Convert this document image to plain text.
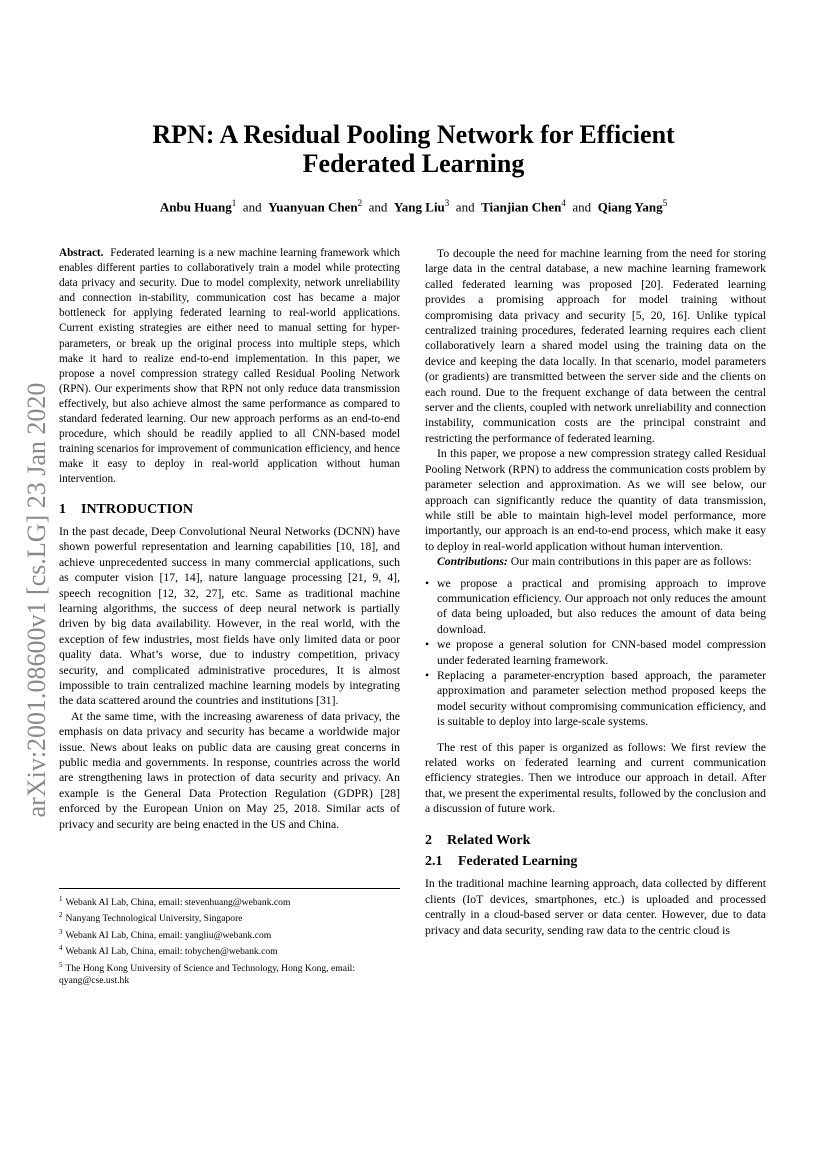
arXiv:2001.08600v1 [cs.LG] 23 Jan 2020
RPN: A Residual Pooling Network for Efficient
Federated Learning
Anbu Huang$^1$ and Yuanyuan Chen$^2$ and Yang Liu$^3$ and Tianjian Chen$^4$ and Qiang Yang$^5$

Abstract. Federated learning is a new machine learning framework which enables different parties to collaboratively train a model while protecting data privacy and security. Due to model complexity, network unreliability and connection in-stability, communication cost has became a major bottleneck for applying federated learning to real-world applications. Current existing strategies are either need to manual setting for hyper-parameters, or break up the original process into multiple steps, which make it hard to realize end-to-end implementation. In this paper, we propose a novel compression strategy called Residual Pooling Network (RPN). Our experiments show that RPN not only reduce data transmission effectively, but also achieve almost the same performance as compared to standard federated learning. Our new approach performs as an end-to-end procedure, which should be readily applied to all CNN-based model training scenarios for improvement of communication efficiency, and hence make it easy to deploy in real-world application without human intervention.

1 INTRODUCTION

In the past decade, Deep Convolutional Neural Networks (DCNN) have shown powerful representation and learning capabilities [10, 18], and achieve unprecedented success in many commercial applications, such as computer vision [17, 14], nature language processing [21, 9, 4], speech recognition [12, 32, 27], etc. Same as traditional machine learning algorithms, the success of deep neural network is partially driven by big data availability. However, in the real world, with the exception of few industries, most fields have only limited data or poor quality data. What’s worse, due to industry competition, privacy security, and complicated administrative procedures, It is almost impossible to train centralized machine learning models by integrating the data scattered around the countries and institutions [31].

At the same time, with the increasing awareness of data privacy, the emphasis on data privacy and security has became a worldwide major issue. News about leaks on public data are causing great concerns in public media and governments. In response, countries across the world are strengthening laws in protection of data security and privacy. An example is the General Data Protection Regulation (GDPR) [28] enforced by the European Union on May 25, 2018. Similar acts of privacy and security are being enacted in the US and China.

$^1$ Webank AI Lab, China, email: stevenhuang@webank.com
$^2$ Nanyang Technological University, Singapore
$^3$ Webank AI Lab, China, email: yangliu@webank.com
$^4$ Webank AI Lab, China, email: tobychen@webank.com
$^5$ The Hong Kong University of Science and Technology, Hong Kong, email: qyang@cse.ust.hk

To decouple the need for machine learning from the need for storing large data in the central database, a new machine learning framework called federated learning was proposed [20]. Federated learning provides a promising approach for model training without compromising data privacy and security [5, 20, 16]. Unlike typical centralized training procedures, federated learning requires each client collaboratively learn a shared model using the training data on the device and keeping the data locally. In that scenario, model parameters (or gradients) are transmitted between the server side and the clients on each round. Due to the frequent exchange of data between the central server and the clients, coupled with network unreliability and connection instability, communication costs are the principal constraint and restricting the performance of federated learning.

In this paper, we propose a new compression strategy called Residual Pooling Network (RPN) to address the communication costs problem by parameter selection and approximation. As we will see below, our approach can significantly reduce the quantity of data transmission, while still be able to maintain high-level model performance, more importantly, our approach is an end-to-end process, which make it easy to deploy in real-world application without human intervention.

Contributions: Our main contributions in this paper are as follows:

• we propose a practical and promising approach to improve communication efficiency. Our approach not only reduces the amount of data being uploaded, but also reduces the amount of data being download.
• we propose a general solution for CNN-based model compression under federated learning framework.
• Replacing a parameter-encryption based approach, the parameter approximation and parameter selection method proposed keeps the model security without compromising communication efficiency, and is suitable to deploy into large-scale systems.

The rest of this paper is organized as follows: We first review the related works on federated learning and current communication efficiency strategies. Then we introduce our approach in detail. After that, we present the experimental results, followed by the conclusion and a discussion of future work.

2 Related Work
2.1 Federated Learning

In the traditional machine learning approach, data collected by different clients (IoT devices, smartphones, etc.) is uploaded and processed centrally in a cloud-based server or data center. However, due to data privacy and data security, sending raw data to the centric cloud is
